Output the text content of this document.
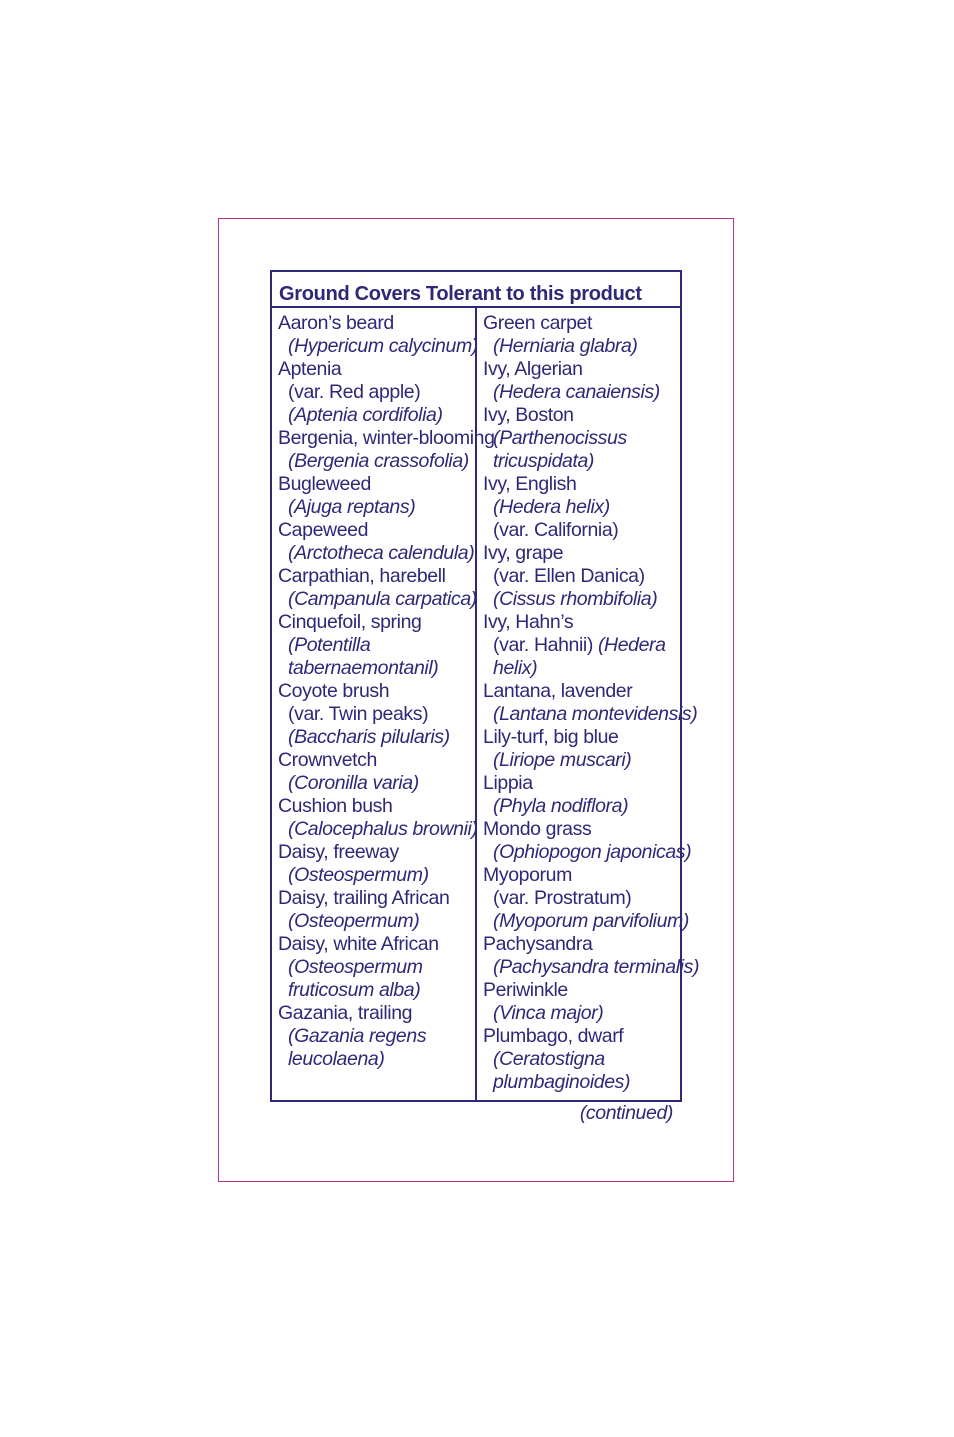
Ground Covers Tolerant to this product
Aaron’s beard
(Hypericum calycinum)
Aptenia
(var. Red apple)
(Aptenia cordifolia)
Bergenia, winter-blooming
(Bergenia crassofolia)
Bugleweed
(Ajuga reptans)
Capeweed
(Arctotheca calendula)
Carpathian, harebell
(Campanula carpatica)
Cinquefoil, spring
(Potentilla
tabernaemontanil)
Coyote brush
(var. Twin peaks)
(Baccharis pilularis)
Crownvetch
(Coronilla varia)
Cushion bush
(Calocephalus brownii)
Daisy, freeway
(Osteospermum)
Daisy, trailing African
(Osteopermum)
Daisy, white African
(Osteospermum
fruticosum alba)
Gazania, trailing
(Gazania regens
leucolaena)
Green carpet
(Herniaria glabra)
Ivy, Algerian
(Hedera canaiensis)
Ivy, Boston
(Parthenocissus
tricuspidata)
Ivy, English
(Hedera helix)
(var. California)
Ivy, grape
(var. Ellen Danica)
(Cissus rhombifolia)
Ivy, Hahn’s
(var. Hahnii) (Hedera
helix)
Lantana, lavender
(Lantana montevidensis)
Lily-turf, big blue
(Liriope muscari)
Lippia
(Phyla nodiflora)
Mondo grass
(Ophiopogon japonicas)
Myoporum
(var. Prostratum)
(Myoporum parvifolium)
Pachysandra
(Pachysandra terminalis)
Periwinkle
(Vinca major)
Plumbago, dwarf
(Ceratostigna
plumbaginoides)
(continued)
